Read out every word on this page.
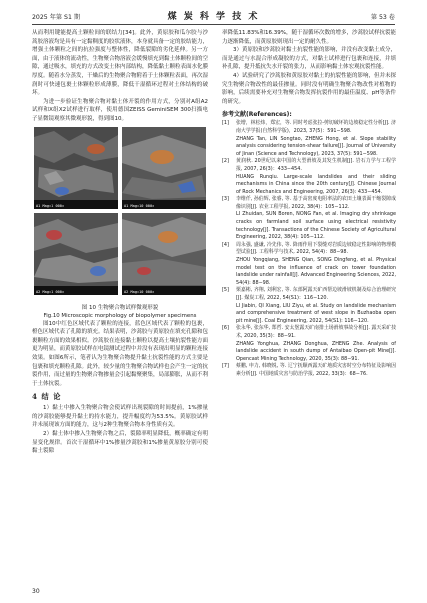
2025 年第 S1 期	煤 炭 科 学 技 术	第 53 卷

从而利用键能提高土颗粒间的联结力[34]。此外，黄原胶和瓜尔胶与沙蒿胶溶液均是具有一定黏稠度的胶状液体，本身就具备一定的胶结能力，增强土体颗粒之间的抗拉强度与整体性，降低裂隙的劣化延伸。另一方面，由于液体的流动性，生物聚合物溶液会缓慢填充到黏土体颗粒间的空隙，通过吸水，填充的方式改变土体内部结构，降低黏土颗粒表面水化膜厚度。随着水分蒸发，干燥后的生物聚合物附着于土体颗粒表面，再次湿润时可快速包裹土体颗粒形成薄膜，降低干湿循环过程对土体结构的破坏。

为进一步验证生物聚合物对黏土体开裂的作用方式，分别对A组A2试样和X组X2试样进行取样，使用德国ZEISS GeminiSEM 300扫描电子显微镜观察其微观形貌，得到图10。

A1 Mag=1 000×	A1 Mag=10 000×
A2 Mag=1 000×	A2 Mag=10 000×
图 10 生物聚合物试样微观形貌
Fig.10 Microscopic morphology of biopolymer specimens

图10中红色区域代表了颗粒的连接，蓝色区域代表了颗粒的包裹，橙色区域代表了孔隙的填充。结果表明，沙蒿胶与黄原胶在填充孔隙和包裹颗粒方面的效果相似。沙蒿胶在连接黏土颗粒以提高土壤抗裂性能方面更为明显，而黄原胶试样在电镜测试过程中并没有表现出明显的颗粒连接效果。如图6所示，笔者认为生物聚合物提升黏土抗裂性能的方式主要是包裹和填充颗粒孔隙。此外，较少量的生物聚合物试样也会产生一定的抗裂作用，而过量的生物聚合物掺量会引起黏聚聚集，局部膨胀，从而不利于土体抗裂。

4 结 论

1）黏土中掺入生物聚合物会使试样出现裂隙的时间提前，1%掺量的沙蒿胶能够提升黏土的持水能力，提升幅度约为53.5%。黄原胶试样并未展现该方面的能力，这与2种生物聚合物本身性质有关。

2）黏土体中掺入生物聚合物之后，裂隙率明显降低，概率确定有明显变化规律。首次干湿循环中1%掺量沙蒿胶和1%掺量黄原胶分别可使黏土裂隙

率降低11.83%和16.39%，随干湿循环次数的增多，沙蒿胶试样抗裂能力逐渐降低，而黄原胶则现出一定的耐久性。

3）黄原胶和沙蒿胶对黏土抗裂性能的影响，并没有改变黏土成分，而是通过与水混合形成凝胶的方式，对黏土试样进行包裹和连接，并填补孔隙，提升抵抗失水开裂的张力，从而影响黏土体宏观抗裂性能。

4）试验研究了沙蒿胶和黄原胶对黏土的抗裂性能的影响，但并未探究生物聚合物改性的最佳掺量。同时没有明确生物聚合物改性对植物的影响，后续需要补充对生物聚合物发挥抗裂作用的最佳温度、pH等条件的研究。

参考文献(References):
[1]	张增，林松炜，郑宏，等. 同时考虑张拉-剪切破坏的边坡稳定性分析[J]. 济南大学学报(自然科学版)，2023, 37(5)：591−598.
ZHANG Tan, LIN Songtao, ZHENG Hong, et al. Slope stability analysis considering tension-shear failure[J]. Journal of University of Jinan (Science and Technology), 2023, 37(5): 591−598.
[2]	黄润秋. 20世纪以来中国的大型滑坡及其发生机制[J]. 岩石力学与工程学报, 2007, 26(3)：433−454.
HUANG Runqiu. Large-scale landslides and their sliding mechanisms in China since the 20th century[J]. Chinese Journal of Rock Mechanics and Engineering, 2007, 26(3): 433−454.
[3]	李维仟, 孙伯辉, 张睿, 等. 基于高密度电阻率法的农田土壤表面干缩裂隙成像识别[J]. 农业工程学报, 2022, 38(4)：105−112.
LI Zhuidan, SUN Boren, NONG Fan, et al. Imaging dry shrinkage cracks on farmland soil surface using electrical resistivity technology[J]. Transactions of the Chinese Society of Agricultural Engineering, 2022, 38(4): 105−112.
[4]	周永强, 盛谦, 冷先伟, 等. 降雨作用下裂缝对岩质边坡稳定性影响的物理模型试验[J]. 工程科学与技术, 2022, 54(4)：88−98.
ZHOU Yongqiang, SHENG Qian, SONG Dingfeng, et al. Physical model test on the influence of crack on tower foundation landslide under rainfall[J]. Advanced Engineering Sciences, 2022, 54(4): 88−98.
[5]	栗嘉彬, 齐翔, 刘利宏, 等. 东部阿露天矿西帮边坡滑坡机制及综合治理研究[J]. 煤炭工程, 2022, 54(S1)：116−120.
LI Jiabin, QI Xiang, LIU Ziyu, et al. Study on landslide mechanism and comprehensive treatment of west slope in Buzhaoba open pit mine[J]. Coal Engineering, 2022, 54(S1): 116−120.
[6]	张永华, 张东华, 郑哲. 安太堡露天矿南排土场滑坡事故分析[J]. 露天采矿技术, 2020, 35(3)：88−91.
ZHANG Yonghua, ZHANG Donghua, ZHENG Zhe. Analysis of landslide accident in south dump of Antaibao Open-pit Mine[J]. Opencast Mining Technology, 2020, 35(3): 88−91.
[7]	蔡鹏, 申力, 韩晓锐, 等. 辽宁抚顺西露天矿地质灾害时空分布特征及影响因素分析[J]. 中国地质灾害与防治学报, 2022, 33(3)：68−76.
30
